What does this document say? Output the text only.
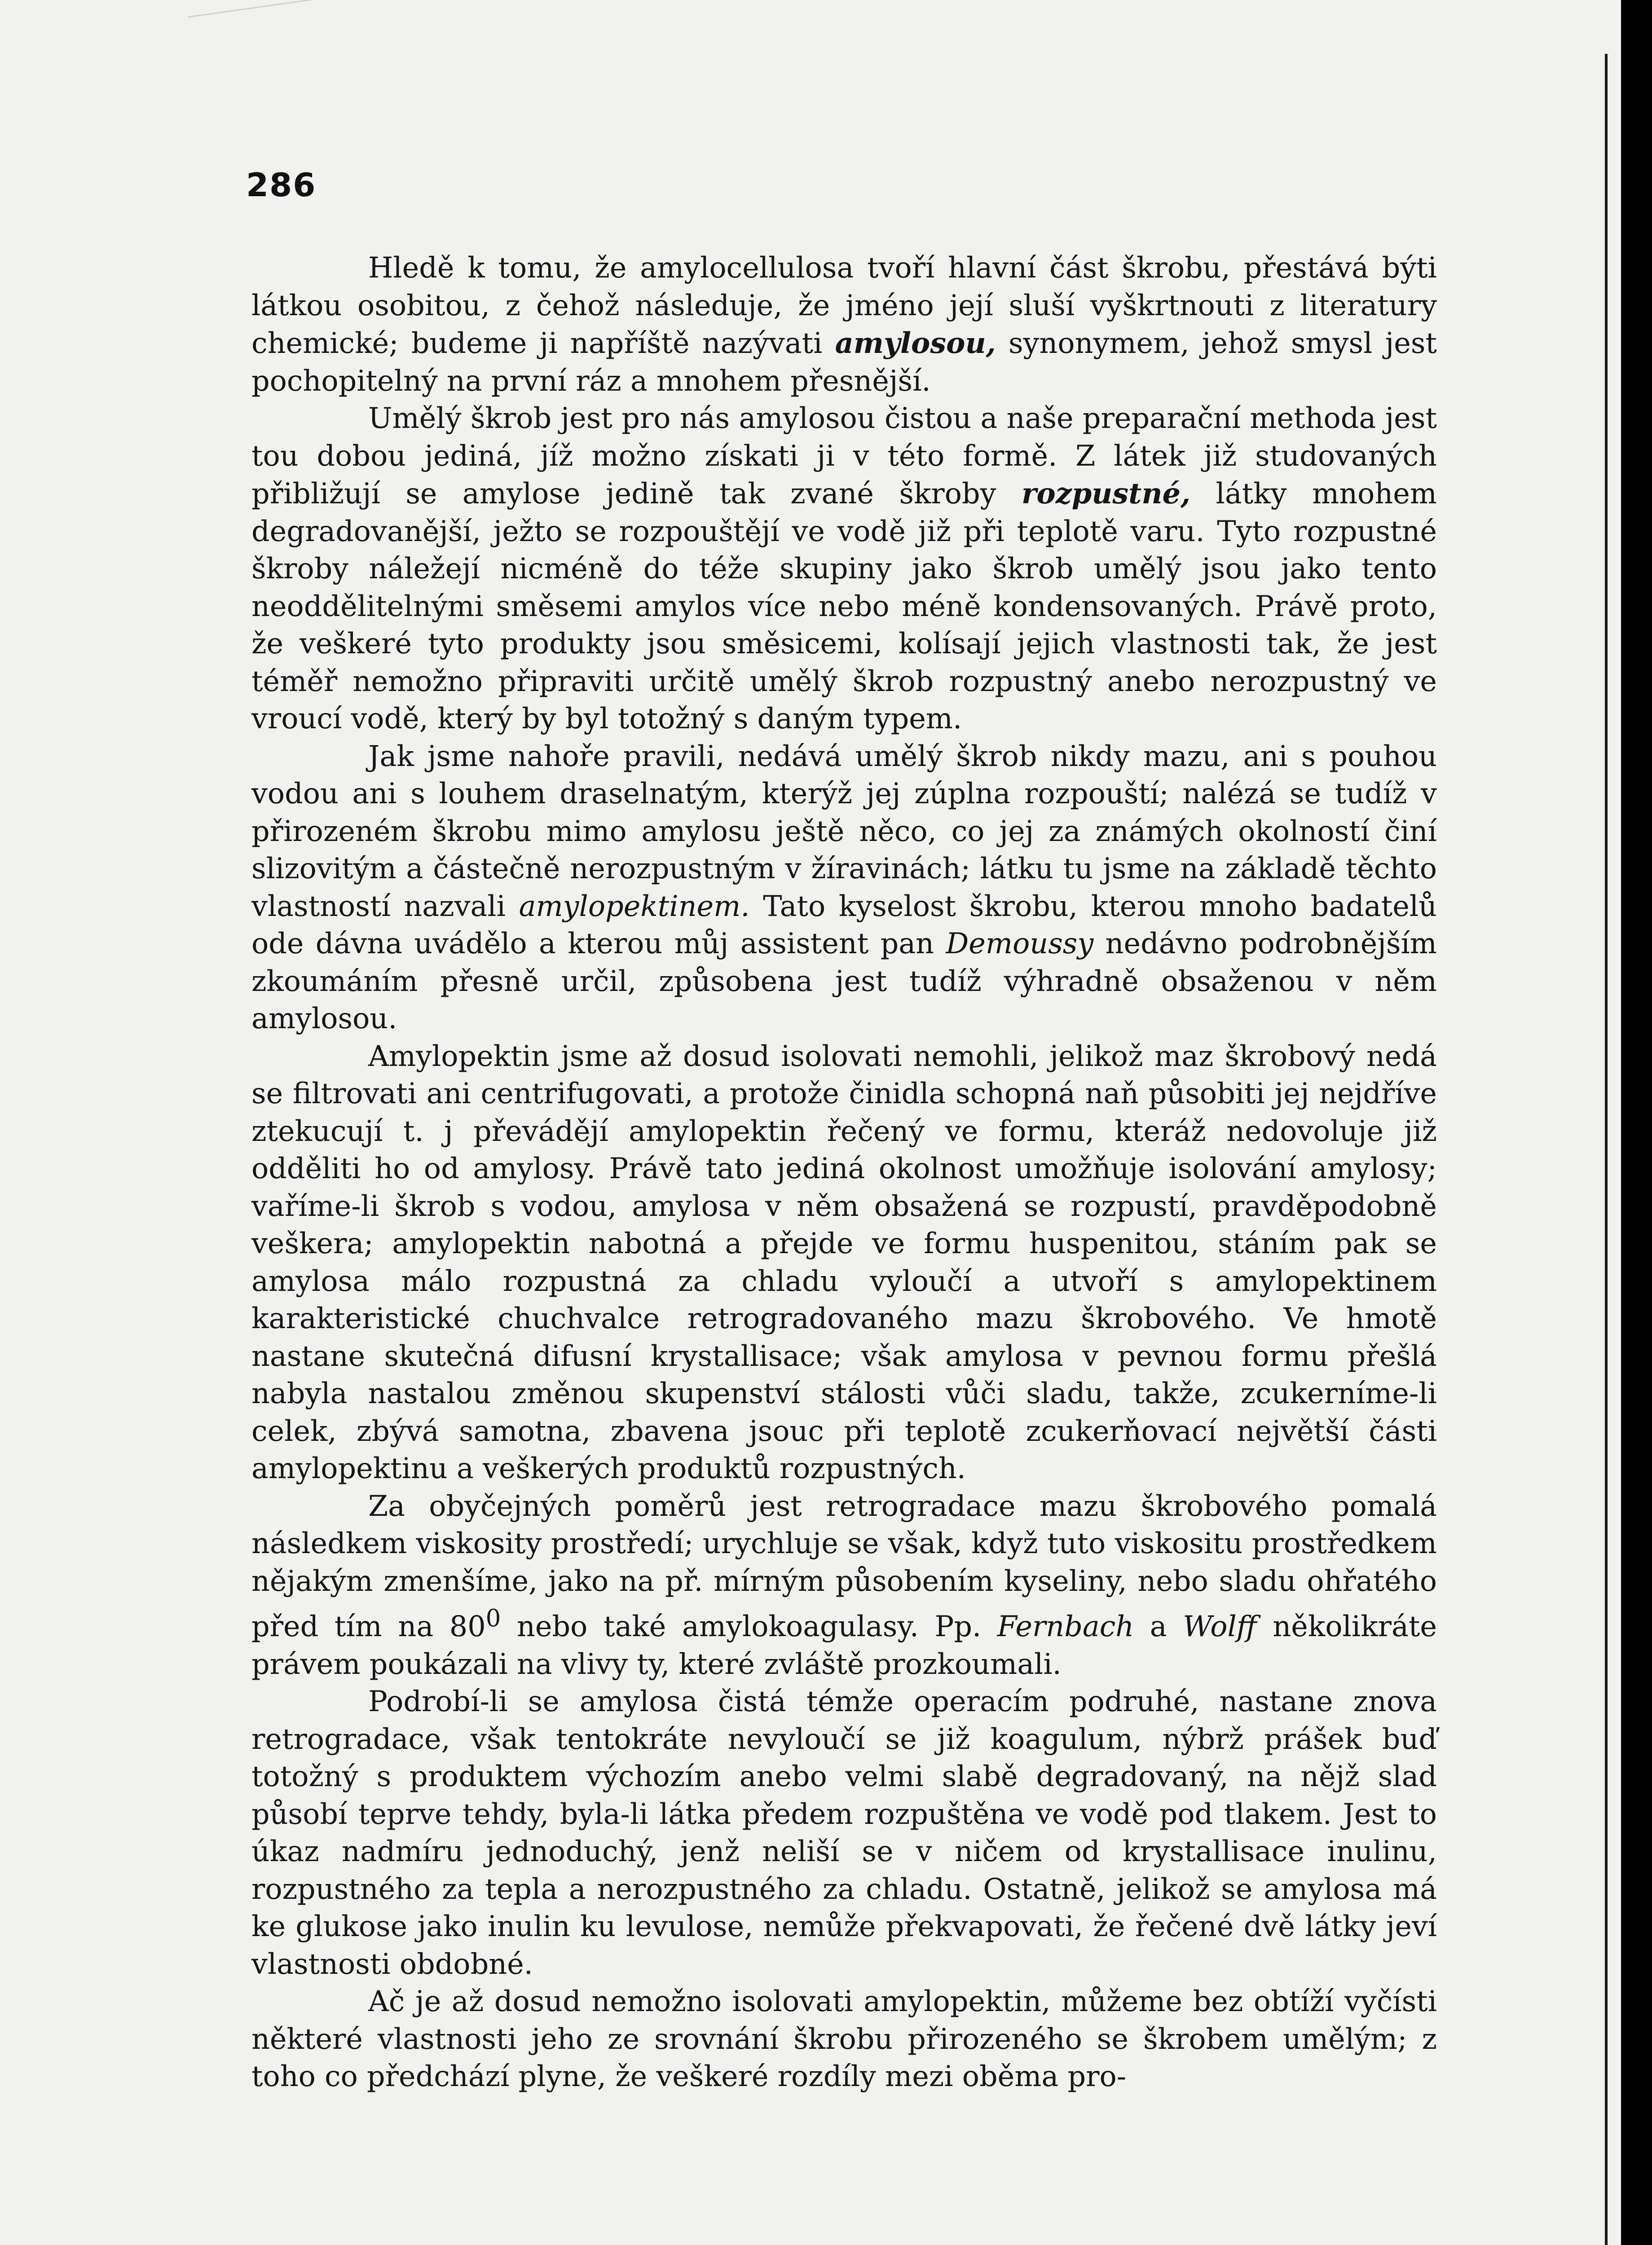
286

Hledě k tomu, že amylocellulosa tvoří hlavní část škrobu, přestává býti látkou osobitou, z čehož následuje, že jméno její sluší vyškrtnouti z literatury chemické; budeme ji napříště nazývati amylosou, synonymem, jehož smysl jest pochopitelný na první ráz a mnohem přesnější.

Umělý škrob jest pro nás amylosou čistou a naše preparační methoda jest tou dobou jediná, jíž možno získati ji v této formě. Z látek již studovaných přibližují se amylose jedině tak zvané škroby rozpustné, látky mnohem degradovanější, ježto se rozpouštějí ve vodě již při teplotě varu. Tyto rozpustné škroby náležejí nicméně do téže skupiny jako škrob umělý jsou jako tento neoddělitelnými směsemi amylos více nebo méně kondensovaných. Právě proto, že veškeré tyto produkty jsou směsicemi, kolísají jejich vlastnosti tak, že jest téměř nemožno připraviti určitě umělý škrob rozpustný anebo nerozpustný ve vroucí vodě, který by byl totožný s daným typem.

Jak jsme nahoře pravili, nedává umělý škrob nikdy mazu, ani s pouhou vodou ani s louhem draselnatým, kterýž jej zúplna rozpouští; nalézá se tudíž v přirozeném škrobu mimo amylosu ještě něco, co jej za známých okolností činí slizovitým a částečně nerozpustným v žíravinách; látku tu jsme na základě těchto vlastností nazvali amylopektinem. Tato kyselost škrobu, kterou mnoho badatelů ode dávna uvádělo a kterou můj assistent pan Demoussy nedávno podrobnějším zkoumáním přesně určil, způsobena jest tudíž výhradně obsaženou v něm amylosou.

Amylopektin jsme až dosud isolovati nemohli, jelikož maz škrobový nedá se filtrovati ani centrifugovati, a protože činidla schopná naň působiti jej nejdříve ztekucují t. j převádějí amylopektin řečený ve formu, kteráž nedovoluje již odděliti ho od amylosy. Právě tato jediná okolnost umožňuje isolování amylosy; vaříme-li škrob s vodou, amylosa v něm obsažená se rozpustí, pravděpodobně veškera; amylopektin nabotná a přejde ve formu huspenitou, stáním pak se amylosa málo rozpustná za chladu vyloučí a utvoří s amylopektinem karakteristické chuchvalce retrogradovaného mazu škrobového. Ve hmotě nastane skutečná difusní krystallisace; však amylosa v pevnou formu přešlá nabyla nastalou změnou skupenství stálosti vůči sladu, takže, zcukerníme-li celek, zbývá samotna, zbavena jsouc při teplotě zcukerňovací největší části amylopektinu a veškerých produktů rozpustných.

Za obyčejných poměrů jest retrogradace mazu škrobového pomalá následkem viskosity prostředí; urychluje se však, když tuto viskositu prostředkem nějakým zmenšíme, jako na př. mírným působením kyseliny, nebo sladu ohřatého před tím na $80^0$ nebo také amylokoagulasy. Pp. Fernbach a Wolff několikráte právem poukázali na vlivy ty, které zvláště prozkoumali.

Podrobí-li se amylosa čistá témže operacím podruhé, nastane znova retrogradace, však tentokráte nevyloučí se již koagulum, nýbrž prášek buď totožný s produktem výchozím anebo velmi slabě degradovaný, na nějž slad působí teprve tehdy, byla-li látka předem rozpuštěna ve vodě pod tlakem. Jest to úkaz nadmíru jednoduchý, jenž neliší se v ničem od krystallisace inulinu, rozpustného za tepla a nerozpustného za chladu. Ostatně, jelikož se amylosa má ke glukose jako inulin ku levulose, nemůže překvapovati, že řečené dvě látky jeví vlastnosti obdobné.

Ač je až dosud nemožno isolovati amylopektin, můžeme bez obtíží vyčísti některé vlastnosti jeho ze srovnání škrobu přirozeného se škrobem umělým; z toho co předchází plyne, že veškeré rozdíly mezi oběma pro-
